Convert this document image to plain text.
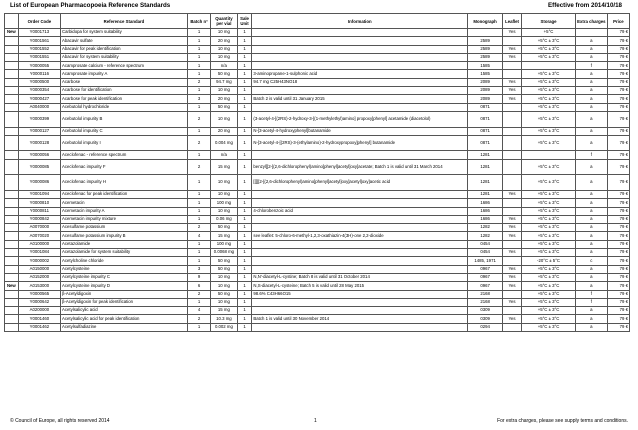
List of European Pharmacopoeia Reference Standards	Effective from 2014/10/18
	Order Code	Reference Standard	Batch n°	Quantity per vial	Sale Unit	Information	Monograph	Leaflet	Storage	Extra charges	Price
New	Y0001713	Carbidopa for system suitability	1	10 mg	1			Yes	+5°C		79 €
	Y0001561	Abacavir sulfate	1	20 mg	1		2589		+5°C ± 3°C	a	79 €
	Y0001552	Abacavir for peak identification	1	10 mg	1		2589	Yes	+5°C ± 3°C	a	79 €
	Y0001551	Abacavir for system suitability	1	10 mg	1		2589	Yes	+5°C ± 3°C	a	79 €
	Y0000055	Acamprosate calcium - reference spectrum	1	n/a	1		1585			f	79 €
	Y0000116	Acamprosate impurity A	1	50 mg	1	3-aminopropane-1-sulphonic acid	1585		+5°C ± 3°C	a	79 €
	Y0000500	Acarbose	2	94.7 mg	1	94.7 mg C25H43NO18	2089	Yes	+5°C ± 3°C	a	79 €
	Y0000354	Acarbose for identification	1	10 mg	1		2089	Yes	+5°C ± 3°C	a	79 €
	Y0000427	Acarbose for peak identification	3	20 mg	1	Batch 2 is valid until 31 January 2015	2089	Yes	+5°C ± 3°C	a	79 €
	A0040000	Acebutolol hydrochloride	1	50 mg	1		0871		+5°C ± 3°C	a	79 €
	Y0000399	Acebutolol impurity B	2	10 mg	1	(3-acetyl-4-[(2RS)-2-hydroxy-3-[(1-methylethyl)amino] propoxy]phenyl] acetamide (diacetolol)	0871		+5°C ± 3°C	a	79 €
	Y0000127	Acebutolol impurity C	1	20 mg	1	N-[3-acetyl-4-hydroxyphenyl]butanamide	0871		+5°C ± 3°C	a	79 €
	Y0000128	Acebutolol impurity I	2	0.004 mg	1	N-[3-acetyl-4-[(2RS)-3-(ethylamino)-2-hydroxypropoxy]phenyl] butanamide	0871		+5°C ± 3°C	a	79 €
	Y0000056	Aceclofenac - reference spectrum	1	n/a	1		1281			f	79 €
	Y0000085	Aceclofenac impurity F	2	15 mg	1	benzyl[[2-[(2,6-dichlorophenyl)amino]phenyl]acetyl]oxy]acetate; Batch 1 is valid until 31 March 2014	1281		+5°C ± 3°C	a	79 €
	Y0000086	Aceclofenac impurity H	1	10 mg	1	[[[[[2-[(2,6-dichlorophenyl)amino]phenyl]acetyl]oxy]acetyl]oxy]acetic acid	1281		+5°C ± 3°C	a	79 €
	Y0001094	Aceclofenac for peak identification	1	10 mg	1		1281	Yes	+5°C ± 3°C	a	79 €
	Y0000810	Acemetacin	1	100 mg	1		1686		+5°C ± 3°C	a	79 €
	Y0000811	Acemetacin impurity A	1	10 mg	1	4-chlorobenzoic acid	1686		+5°C ± 3°C	a	79 €
	Y0000842	Acemetacin impurity mixture	1	0.06 mg	1		1686	Yes	+5°C ± 3°C	a	79 €
	A0070000	Acesulfame potassium	2	50 mg	1		1282	Yes	+5°C ± 3°C	a	79 €
	A0070020	Acesulfame potassium impurity B	4	15 mg	1	see leaflet: 5-chloro-6-methyl-1,2,3-oxathiazin-4(3H)-one 2,2-dioxide	1282	Yes	+5°C ± 3°C	a	79 €
	A0100000	Acetazolamide	1	100 mg	1		0454		+5°C ± 3°C	a	79 €
	Y0001084	Acetazolamide for system suitability	1	0.0068 mg	1		0454	Yes	+5°C ± 3°C	a	79 €
	Y0000002	Acetylcholine chloride	1	50 mg	1		1485, 1971		-20°C ± 5°C	c	79 €
	A0150000	Acetylcysteine	3	50 mg	1		0967	Yes	+5°C ± 3°C	a	79 €
	A0152000	Acetylcysteine impurity C	9	10 mg	1	N,N'-diacetyl-L-cystine; Batch 8 is valid until 31 October 2014	0967	Yes	+5°C ± 3°C	a	79 €
New	A0153000	Acetylcysteine impurity D	6	10 mg	1	N,S-diacetyl-L-cysteine; Batch 5 is valid until 28 May 2015	0967	Yes	+5°C ± 3°C	a	79 €
	Y0000565	β-Acetyldigoxin	2	50 mg	1	98.6% C43H66O15	2168		+5°C ± 3°C	f	79 €
	Y0000642	β-Acetyldigoxin for peak identification	1	10 mg	1		2168	Yes	+5°C ± 3°C	f	79 €
	A0200000	Acetylsalicylic acid	4	15 mg	1		0309		+5°C ± 3°C	a	79 €
	Y0001460	Acetylsalicylic acid for peak identification	2	10.3 mg	1	Batch 1 is valid until 30 November 2014	0309	Yes	+5°C ± 3°C	a	79 €
	Y0001462	Acetylsulfadiazine	1	0.002 mg	1		0294		+5°C ± 3°C	a	79 €
© Council of Europe, all rights reserved 2014	1	For extra charges, please see supply terms and conditions.
